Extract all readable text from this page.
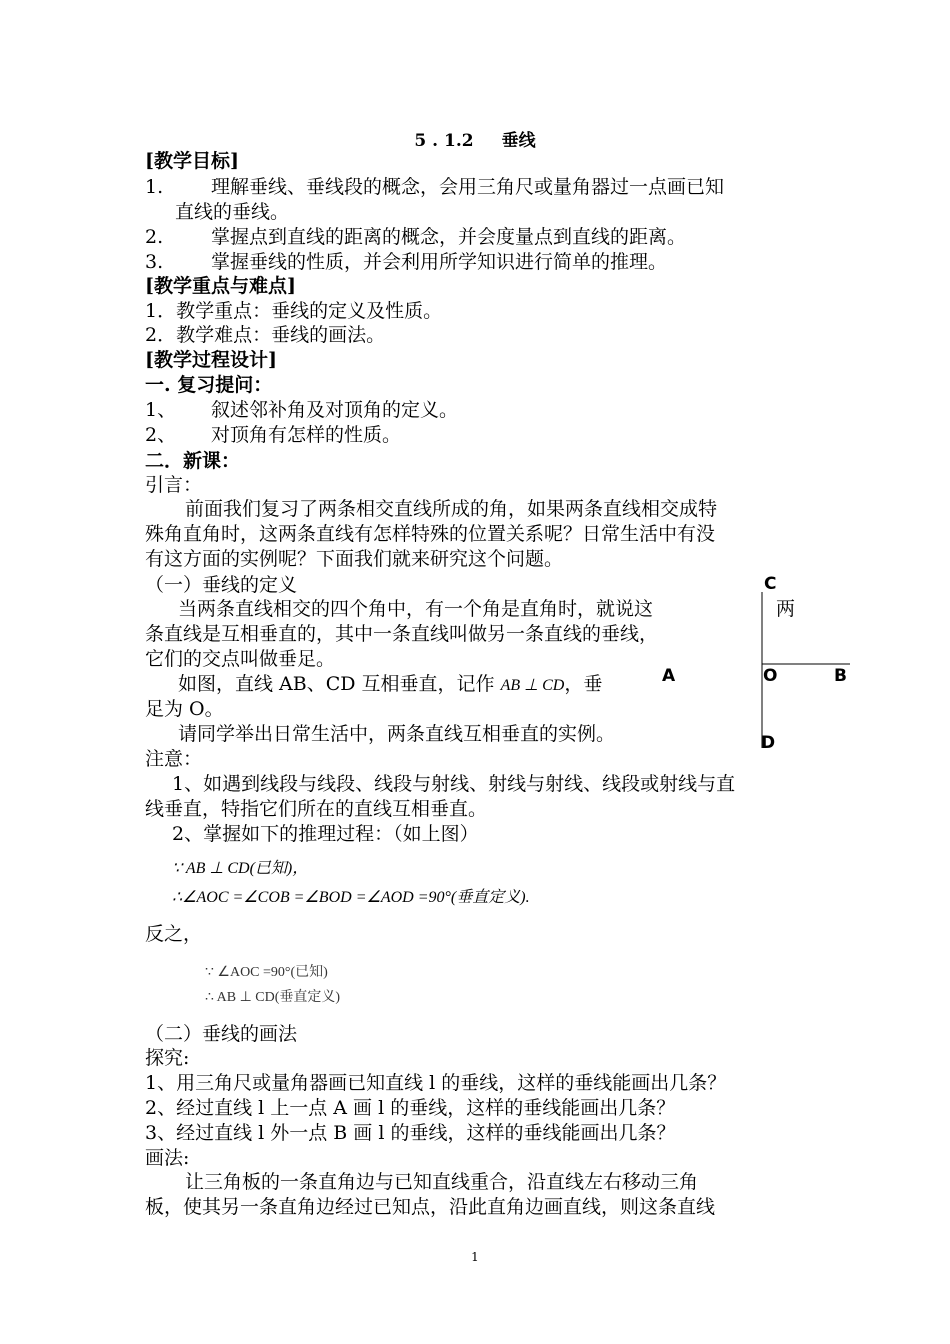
5 . 1.2 垂线
[教学目标]
1.	理解垂线、垂线段的概念，会用三角尺或量角器过一点画已知
直线的垂线。
2.	掌握点到直线的距离的概念，并会度量点到直线的距离。
3.	掌握垂线的性质，并会利用所学知识进行简单的推理。
[教学重点与难点]
1．教学重点：垂线的定义及性质。
2．教学难点：垂线的画法。
[教学过程设计]
一. 复习提问：
1、 叙述邻补角及对顶角的定义。
2、 对顶角有怎样的性质。
二．新课：
引言：
前面我们复习了两条相交直线所成的角，如果两条直线相交成特
殊角直角时，这两条直线有怎样特殊的位置关系呢？日常生活中有没
有这方面的实例呢？下面我们就来研究这个问题。
（一）垂线的定义
当两条直线相交的四个角中，有一个角是直角时，就说这	两
条直线是互相垂直的，其中一条直线叫做另一条直线的垂线，
它们的交点叫做垂足。
如图，直线 AB、CD 互相垂直，记作 AB ⊥ CD，垂
足为 O。
请同学举出日常生活中，两条直线互相垂直的实例。
注意：
1、如遇到线段与线段、线段与射线、射线与射线、线段或射线与直
线垂直，特指它们所在的直线互相垂直。
2、掌握如下的推理过程：（如上图）
∵ AB ⊥ CD(已知)，
∴∠AOC =∠COB =∠BOD =∠AOD =90°(垂直定义).
反之，
∵ ∠AOC =90°(已知)
∴ AB ⊥ CD(垂直定义)
（二）垂线的画法
探究:
1、用三角尺或量角器画已知直线 l 的垂线，这样的垂线能画出几条？
2、经过直线 l 上一点 A 画 l 的垂线，这样的垂线能画出几条？
3、经过直线 l 外一点 B 画 l 的垂线，这样的垂线能画出几条？
画法:
让三角板的一条直角边与已知直线重合，沿直线左右移动三角
板，使其另一条直角边经过已知点，沿此直角边画直线，则这条直线
C
A	O	B
D
1
